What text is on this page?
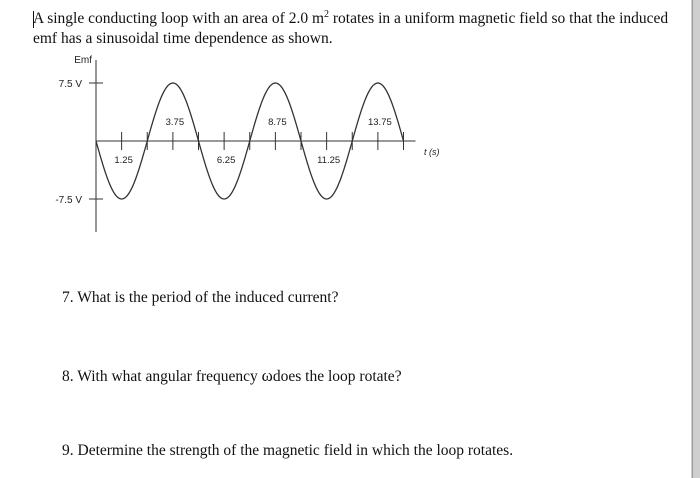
A single conducting loop with an area of 2.0 $m^2$ rotates in a uniform magnetic field so that the induced emf has a sinusoidal time dependence as shown.

7.5 V
-7.5 V
Emf
t (s)
3.75	8.75	13.75
1.25	6.25	11.25

7. What is the period of the induced current?

8. With what angular frequency ωdoes the loop rotate?

9. Determine the strength of the magnetic field in which the loop rotates.
